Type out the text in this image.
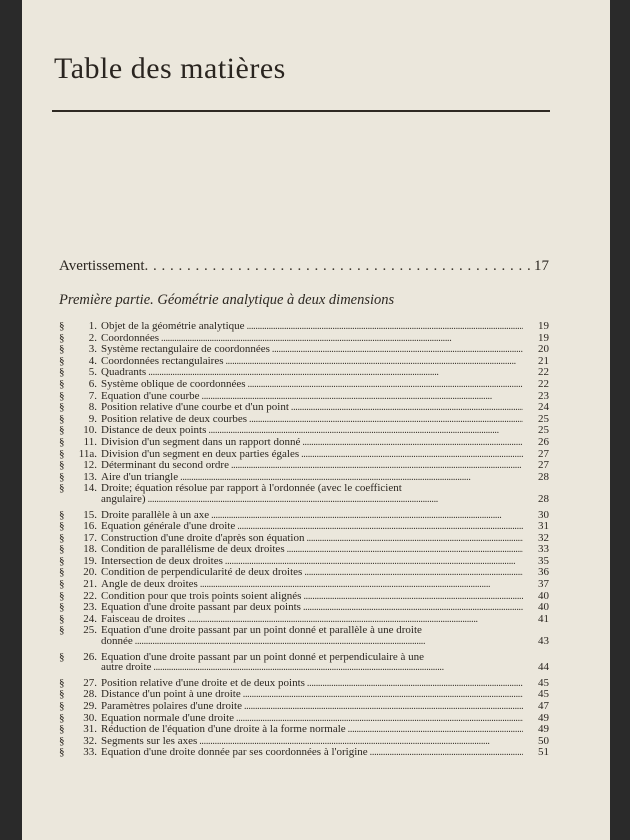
Table des matières
Avertissement . . .	17
Première partie. Géométrie analytique à deux dimensions
§	1. Objet de la géométrie analytique . . .	19
§	2. Coordonnées . . .	19
§	3. Système rectangulaire de coordonnées . . .	20
§	4. Coordonnées rectangulaires . . .	21
§	5. Quadrants . . .	22
§	6. Système oblique de coordonnées . . .	22
§	7. Equation d'une courbe . . .	23
§	8. Position relative d'une courbe et d'un point . . .	24
§	9. Position relative de deux courbes . . .	25
§	10. Distance de deux points . . .	25
§	11. Division d'un segment dans un rapport donné . . .	26
§	11a. Division d'un segment en deux parties égales . . .	27
§	12. Déterminant du second ordre . . .	27
§	13. Aire d'un triangle . . .	28
§	14. Droite; équation résolue par rapport à l'ordonnée (avec le coefficient
angulaire) . . .	28
§	15. Droite parallèle à un axe . . .	30
§	16. Equation générale d'une droite . . .	31
§	17. Construction d'une droite d'après son équation . . .	32
§	18. Condition de parallélisme de deux droites . . .	33
§	19. Intersection de deux droites . . .	35
§	20. Condition de perpendicularité de deux droites . . .	36
§	21. Angle de deux droites . . .	37
§	22. Condition pour que trois points soient alignés . . .	40
§	23. Equation d'une droite passant par deux points . . .	40
§	24. Faisceau de droites . . .	41
§	25. Equation d'une droite passant par un point donné et parallèle à une droite
donnée . . .	43
§	26. Equation d'une droite passant par un point donné et perpendiculaire à une
autre droite . . .	44
§	27. Position relative d'une droite et de deux points . . .	45
§	28. Distance d'un point à une droite . . .	45
§	29. Paramètres polaires d'une droite . . .	47
§	30. Equation normale d'une droite . . .	49
§	31. Réduction de l'équation d'une droite à la forme normale . . .	49
§	32. Segments sur les axes . . .	50
§	33. Equation d'une droite donnée par ses coordonnées à l'origine . . .	51
